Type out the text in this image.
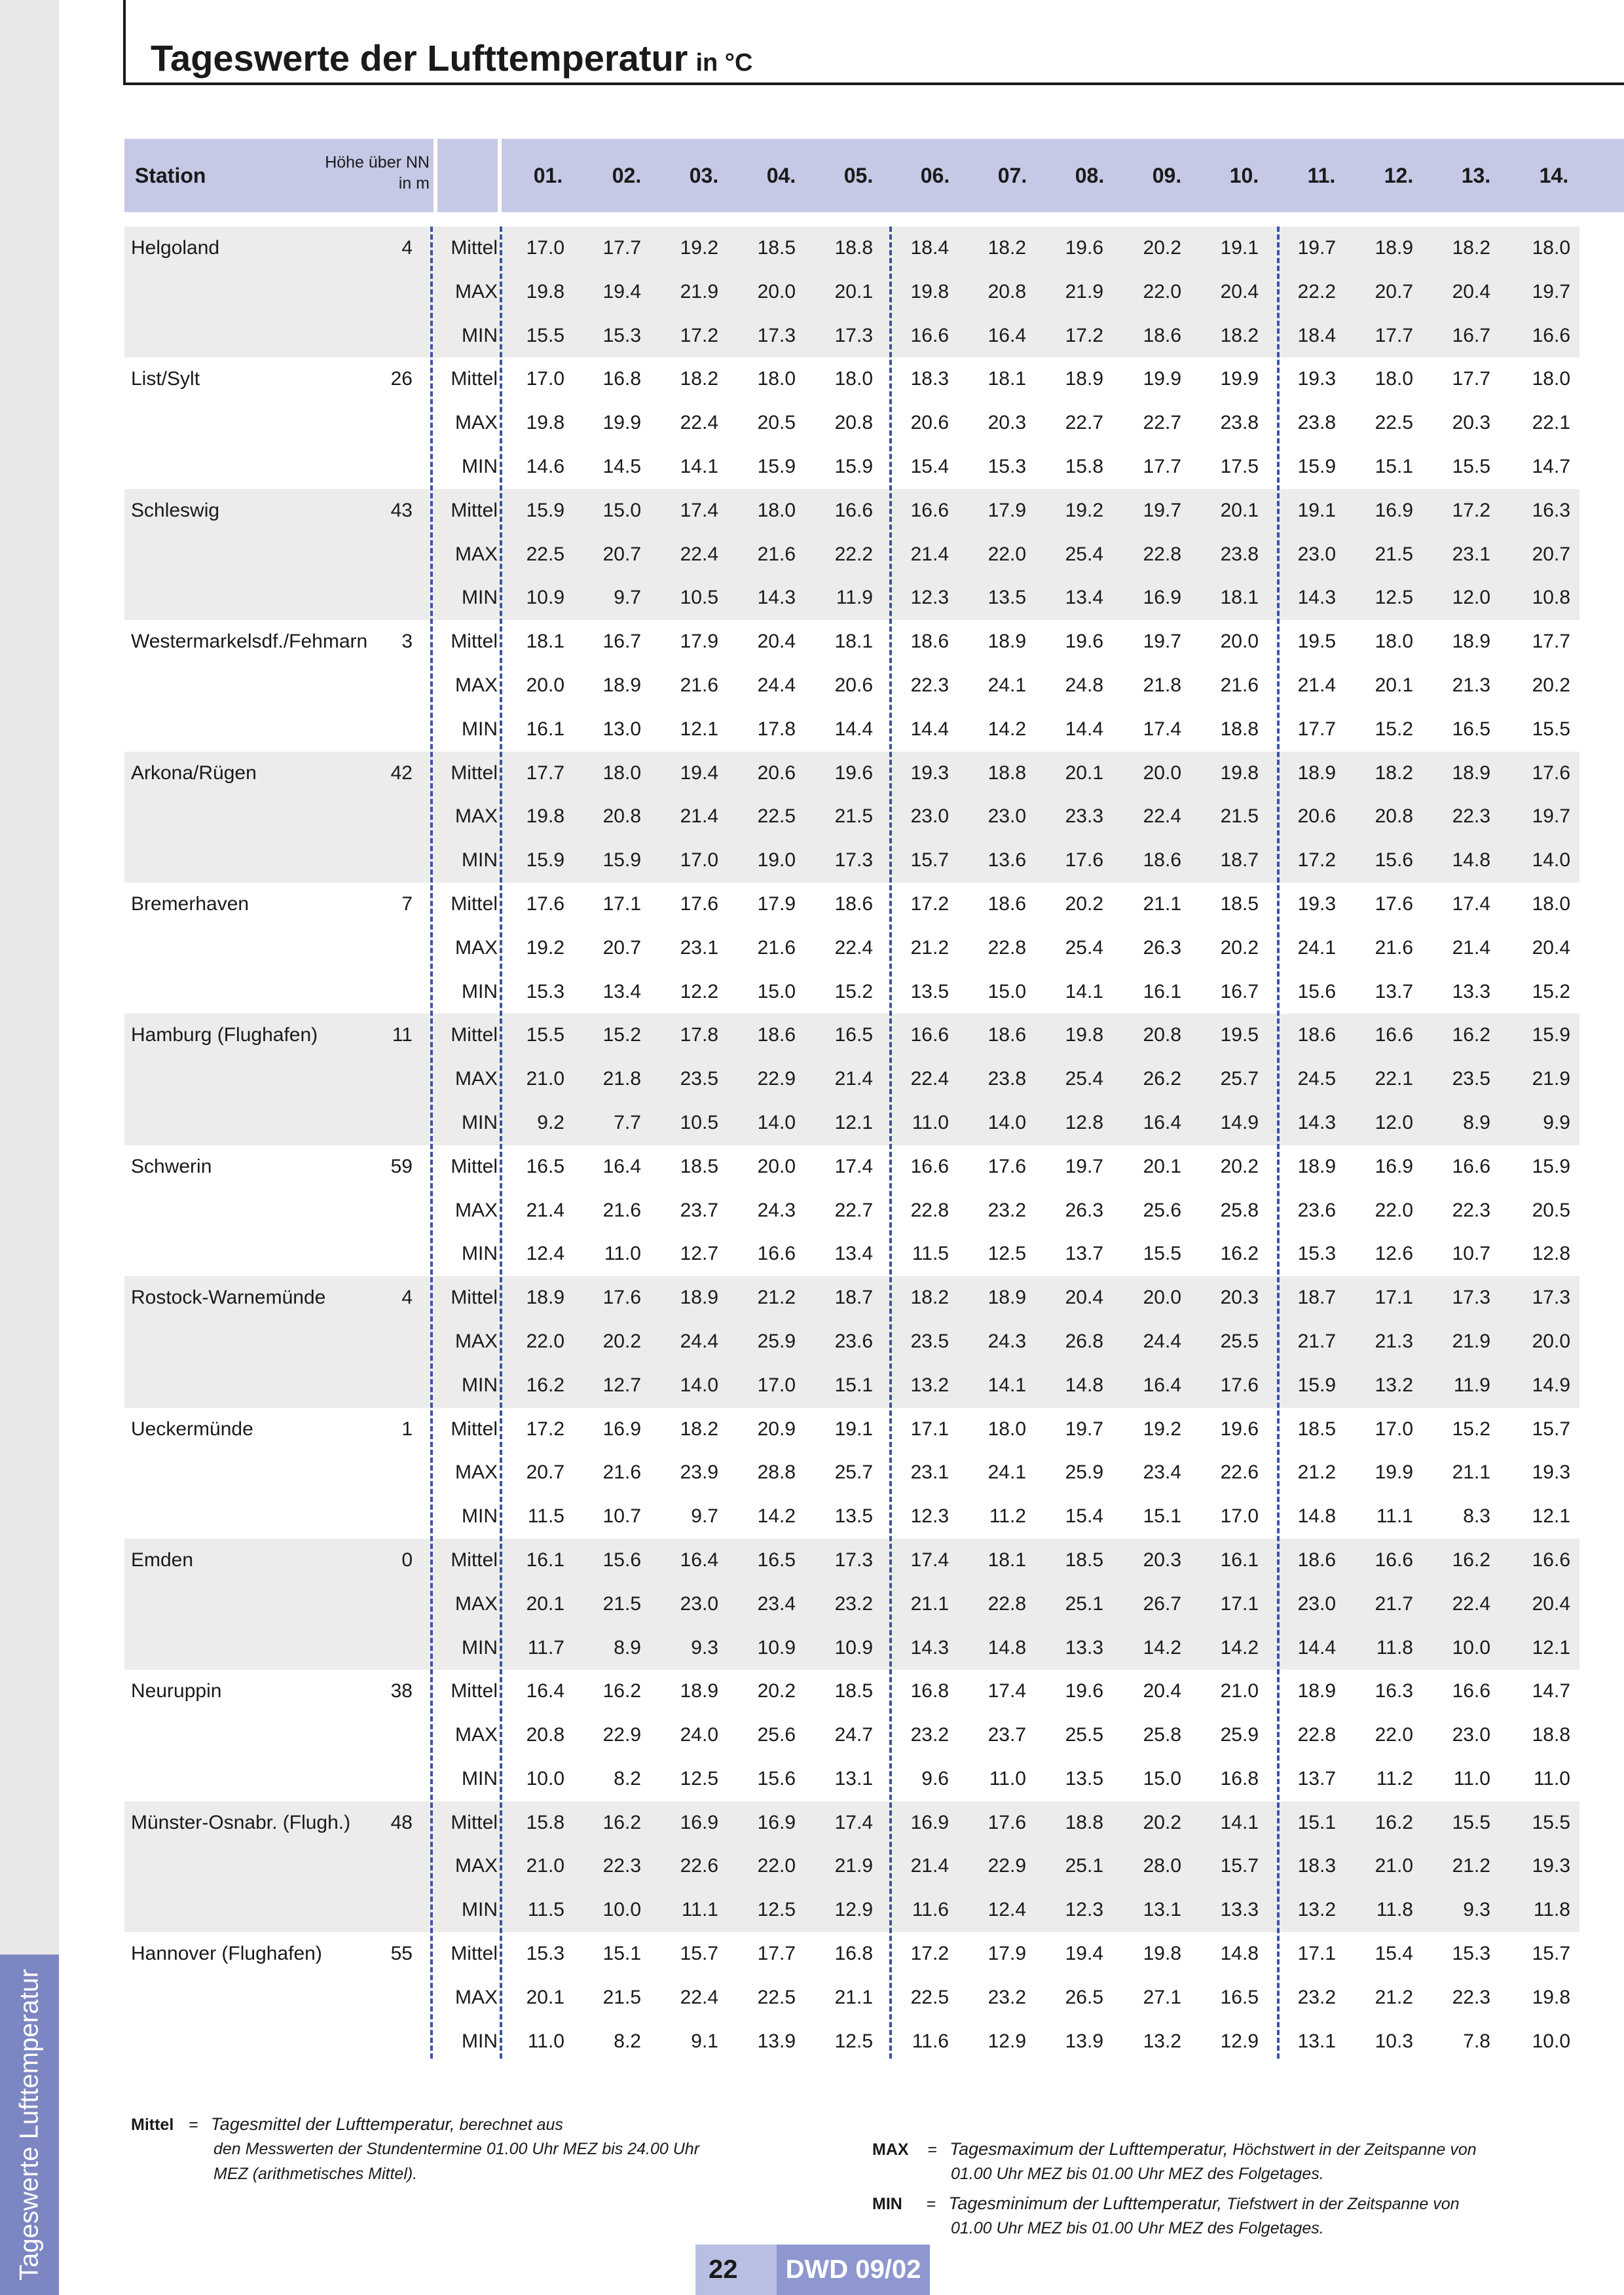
Tageswerte Lufttemperatur
Tageswerte der Lufttemperatur in °C
Station
Höhe über NN
in m	01.	02.	03.	04.	05.	06.	07.	08.	09.	10.	11.	12.	13.	14.
Helgoland	4	Mittel 17.0 17.7 19.2 18.5 18.8 18.4 18.2 19.6 20.2 19.1 19.7 18.9 18.2 18.0
MAX 19.8 19.4 21.9 20.0 20.1 19.8 20.8 21.9 22.0 20.4 22.2 20.7 20.4 19.7
MIN 15.5 15.3 17.2 17.3 17.3 16.6 16.4 17.2 18.6 18.2 18.4 17.7 16.7 16.6
List/Sylt	26	Mittel 17.0 16.8 18.2 18.0 18.0 18.3 18.1 18.9 19.9 19.9 19.3 18.0 17.7 18.0
MAX 19.8 19.9 22.4 20.5 20.8 20.6 20.3 22.7 22.7 23.8 23.8 22.5 20.3 22.1
MIN 14.6 14.5 14.1 15.9 15.9 15.4 15.3 15.8 17.7 17.5 15.9 15.1 15.5 14.7
Schleswig	43	Mittel 15.9 15.0 17.4 18.0 16.6 16.6 17.9 19.2 19.7 20.1 19.1 16.9 17.2 16.3
MAX 22.5 20.7 22.4 21.6 22.2 21.4 22.0 25.4 22.8 23.8 23.0 21.5 23.1 20.7
MIN 10.9	9.7 10.5 14.3 11.9 12.3 13.5 13.4 16.9 18.1 14.3 12.5 12.0 10.8
Westermarkelsdf./Fehmarn 3	Mittel 18.1 16.7 17.9 20.4 18.1 18.6 18.9 19.6 19.7 20.0 19.5 18.0 18.9 17.7
MAX 20.0 18.9 21.6 24.4 20.6 22.3 24.1 24.8 21.8 21.6 21.4 20.1 21.3 20.2
MIN 16.1 13.0 12.1 17.8 14.4 14.4 14.2 14.4 17.4 18.8 17.7 15.2 16.5 15.5
Arkona/Rügen	42	Mittel 17.7 18.0 19.4 20.6 19.6 19.3 18.8 20.1 20.0 19.8 18.9 18.2 18.9 17.6
MAX 19.8 20.8 21.4 22.5 21.5 23.0 23.0 23.3 22.4 21.5 20.6 20.8 22.3 19.7
MIN 15.9 15.9 17.0 19.0 17.3 15.7 13.6 17.6 18.6 18.7 17.2 15.6 14.8 14.0
Bremerhaven	7	Mittel 17.6 17.1 17.6 17.9 18.6 17.2 18.6 20.2 21.1 18.5 19.3 17.6 17.4 18.0
MAX 19.2 20.7 23.1 21.6 22.4 21.2 22.8 25.4 26.3 20.2 24.1 21.6 21.4 20.4
MIN 15.3 13.4 12.2 15.0 15.2 13.5 15.0 14.1 16.1 16.7 15.6 13.7 13.3 15.2
Hamburg (Flughafen)	11	Mittel 15.5 15.2 17.8 18.6 16.5 16.6 18.6 19.8 20.8 19.5 18.6 16.6 16.2 15.9
MAX 21.0 21.8 23.5 22.9 21.4 22.4 23.8 25.4 26.2 25.7 24.5 22.1 23.5 21.9
MIN 9.2	7.7 10.5 14.0 12.1 11.0 14.0 12.8 16.4 14.9 14.3 12.0	8.9	9.9
Schwerin	59	Mittel 16.5 16.4 18.5 20.0 17.4 16.6 17.6 19.7 20.1 20.2 18.9 16.9 16.6 15.9
MAX 21.4 21.6 23.7 24.3 22.7 22.8 23.2 26.3 25.6 25.8 23.6 22.0 22.3 20.5
MIN 12.4 11.0 12.7 16.6 13.4 11.5 12.5 13.7 15.5 16.2 15.3 12.6 10.7 12.8
Rostock-Warnemünde	4	Mittel 18.9 17.6 18.9 21.2 18.7 18.2 18.9 20.4 20.0 20.3 18.7 17.1 17.3 17.3
MAX 22.0 20.2 24.4 25.9 23.6 23.5 24.3 26.8 24.4 25.5 21.7 21.3 21.9 20.0
MIN 16.2 12.7 14.0 17.0 15.1 13.2 14.1 14.8 16.4 17.6 15.9 13.2 11.9 14.9
Ueckermünde	1	Mittel 17.2 16.9 18.2 20.9 19.1 17.1 18.0 19.7 19.2 19.6 18.5 17.0 15.2 15.7
MAX 20.7 21.6 23.9 28.8 25.7 23.1 24.1 25.9 23.4 22.6 21.2 19.9 21.1 19.3
MIN 11.5 10.7	9.7 14.2 13.5 12.3 11.2 15.4 15.1 17.0 14.8 11.1	8.3 12.1
Emden	0	Mittel 16.1 15.6 16.4 16.5 17.3 17.4 18.1 18.5 20.3 16.1 18.6 16.6 16.2 16.6
MAX 20.1 21.5 23.0 23.4 23.2 21.1 22.8 25.1 26.7 17.1 23.0 21.7 22.4 20.4
MIN 11.7	8.9	9.3 10.9 10.9 14.3 14.8 13.3 14.2 14.2 14.4 11.8 10.0 12.1
Neuruppin	38	Mittel 16.4 16.2 18.9 20.2 18.5 16.8 17.4 19.6 20.4 21.0 18.9 16.3 16.6 14.7
MAX 20.8 22.9 24.0 25.6 24.7 23.2 23.7 25.5 25.8 25.9 22.8 22.0 23.0 18.8
MIN 10.0	8.2 12.5 15.6 13.1 9.6 11.0 13.5 15.0 16.8 13.7 11.2 11.0 11.0
Münster-Osnabr. (Flugh.) 48	Mittel 15.8 16.2 16.9 16.9 17.4 16.9 17.6 18.8 20.2 14.1 15.1 16.2 15.5 15.5
MAX 21.0 22.3 22.6 22.0 21.9 21.4 22.9 25.1 28.0 15.7 18.3 21.0 21.2 19.3
MIN 11.5 10.0 11.1 12.5 12.9 11.6 12.4 12.3 13.1 13.3 13.2 11.8	9.3 11.8
Hannover (Flughafen)	55	Mittel 15.3 15.1 15.7 17.7 16.8 17.2 17.9 19.4 19.8 14.8 17.1 15.4 15.3 15.7
MAX 20.1 21.5 22.4 22.5 21.1 22.5 23.2 26.5 27.1 16.5 23.2 21.2 22.3 19.8
MIN 11.0	8.2	9.1 13.9 12.5 11.6 12.9 13.9 13.2 12.9 13.1 10.3	7.8 10.0
Mittel = Tagesmittel der Lufttemperatur, berechnet aus
den Messwerten der Stundentermine 01.00 Uhr MEZ bis 24.00 Uhr
MEZ (arithmetisches Mittel).
MAX = Tagesmaximum der Lufttemperatur, Höchstwert in der Zeitspanne von
01.00 Uhr MEZ bis 01.00 Uhr MEZ des Folgetages.
MIN = Tagesminimum der Lufttemperatur, Tiefstwert in der Zeitspanne von
01.00 Uhr MEZ bis 01.00 Uhr MEZ des Folgetages.
22	DWD 09/02
